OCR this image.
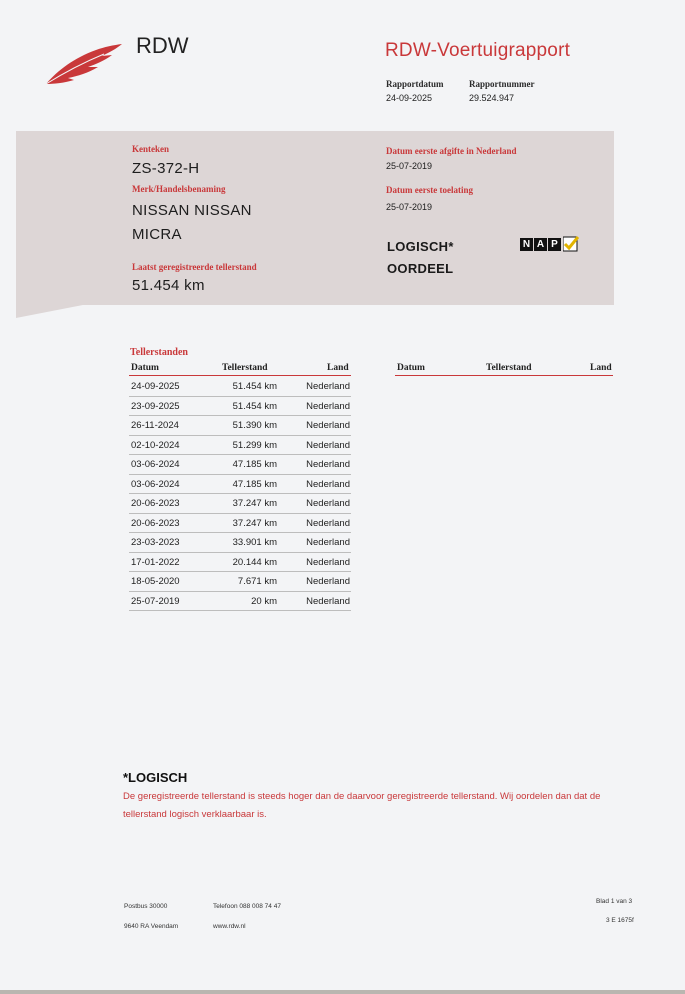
RDW	RDW-Voertuigrapport
Rapportdatum
24-09-2025
Rapportnummer
29.524.947
Kenteken
ZS-372-H
Merk/Handelsbenaming
NISSAN NISSAN
MICRA
Laatst geregistreerde tellerstand
51.454 km
Datum eerste afgifte in Nederland
25-07-2019
Datum eerste toelating
25-07-2019
LOGISCH*
OORDEEL
N A P
Tellerstanden
Datum	Tellerstand	Land	Datum	Tellerstand	Land
24-09-2025	51.454 km	Nederland
23-09-2025	51.454 km	Nederland
26-11-2024	51.390 km	Nederland
02-10-2024	51.299 km	Nederland
03-06-2024	47.185 km	Nederland
03-06-2024	47.185 km	Nederland
20-06-2023	37.247 km	Nederland
20-06-2023	37.247 km	Nederland
23-03-2023	33.901 km	Nederland
17-01-2022	20.144 km	Nederland
18-05-2020	7.671 km	Nederland
25-07-2019	20 km	Nederland
*LOGISCH
De geregistreerde tellerstand is steeds hoger dan de daarvoor geregistreerde tellerstand. Wij oordelen dan dat de tellerstand logisch verklaarbaar is.
Postbus 30000
9640 RA Veendam
Telefoon 088 008 74 47
www.rdw.nl
Blad 1 van 3
3 E 1675f
